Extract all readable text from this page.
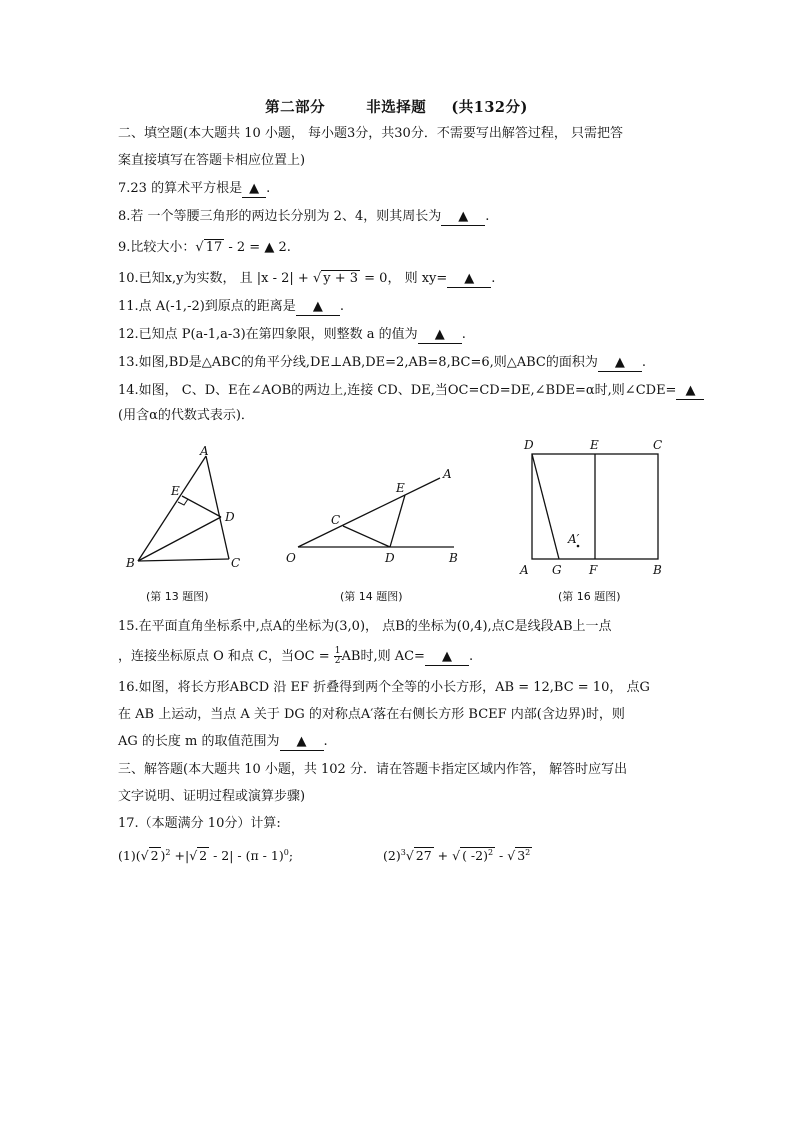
第二部分	非选择题 (共132分)
二、填空题(本大题共 10 小题， 每小题3分，共30分．不需要写出解答过程， 只需把答
案直接填写在答题卡相应位置上)
7.23 的算术平方根是 ▲ .
8.若 一个等腰三角形的两边长分别为 2、4，则其周长为 ▲ .
9.比较大小：√ 17 - 2 = ▲ 2.
10.已知x,y为实数， 且 |x - 2| + √ y + 3 = 0， 则 xy= ▲ .
11.点 A(-1,-2)到原点的距离是 ▲ .
12.已知点 P(a-1,a-3)在第四象限，则整数 a 的值为 ▲ .
13.如图,BD是△ABC的角平分线,DE⊥AB,DE=2,AB=8,BC=6,则△ABC的面积为 ▲ .
14.如图， C、D、E在∠AOB的两边上,连接 CD、DE,当OC=CD=DE,∠BDE=α时,则∠CDE= ▲
(用含α的代数式表示)．
A
E
D
B	C
(第 13 题图)
A
E
C
O	D	B
(第 14 题图)
D	E	C
A′
A G F	B
(第 16 题图)
15.在平面直角坐标系中,点A的坐标为(3,0)， 点B的坐标为(0,4),点C是线段AB上一点
，连接坐标原点 O 和点 C，当OC = $\frac{1}{2}$ AB时,则 AC= ▲ .
16.如图，将长方形ABCD 沿 EF 折叠得到两个全等的小长方形，AB = 12,BC = 10， 点G
在 AB 上运动，当点 A 关于 DG 的对称点A′落在右侧长方形 BCEF 内部(含边界)时，则
AG 的长度 m 的取值范围为 ▲ .
三、解答题(本大题共 10 小题，共 102 分．请在答题卡指定区域内作答， 解答时应写出
文字说明、证明过程或演算步骤)
17.（本题满分 10分）计算:
(1)(√ 2 )$^2$ +|√ 2 - 2| - (π - 1)$^0$;	$(2)^3√$ 27 + √ ( -2)$^2$ - √ $3^2$
